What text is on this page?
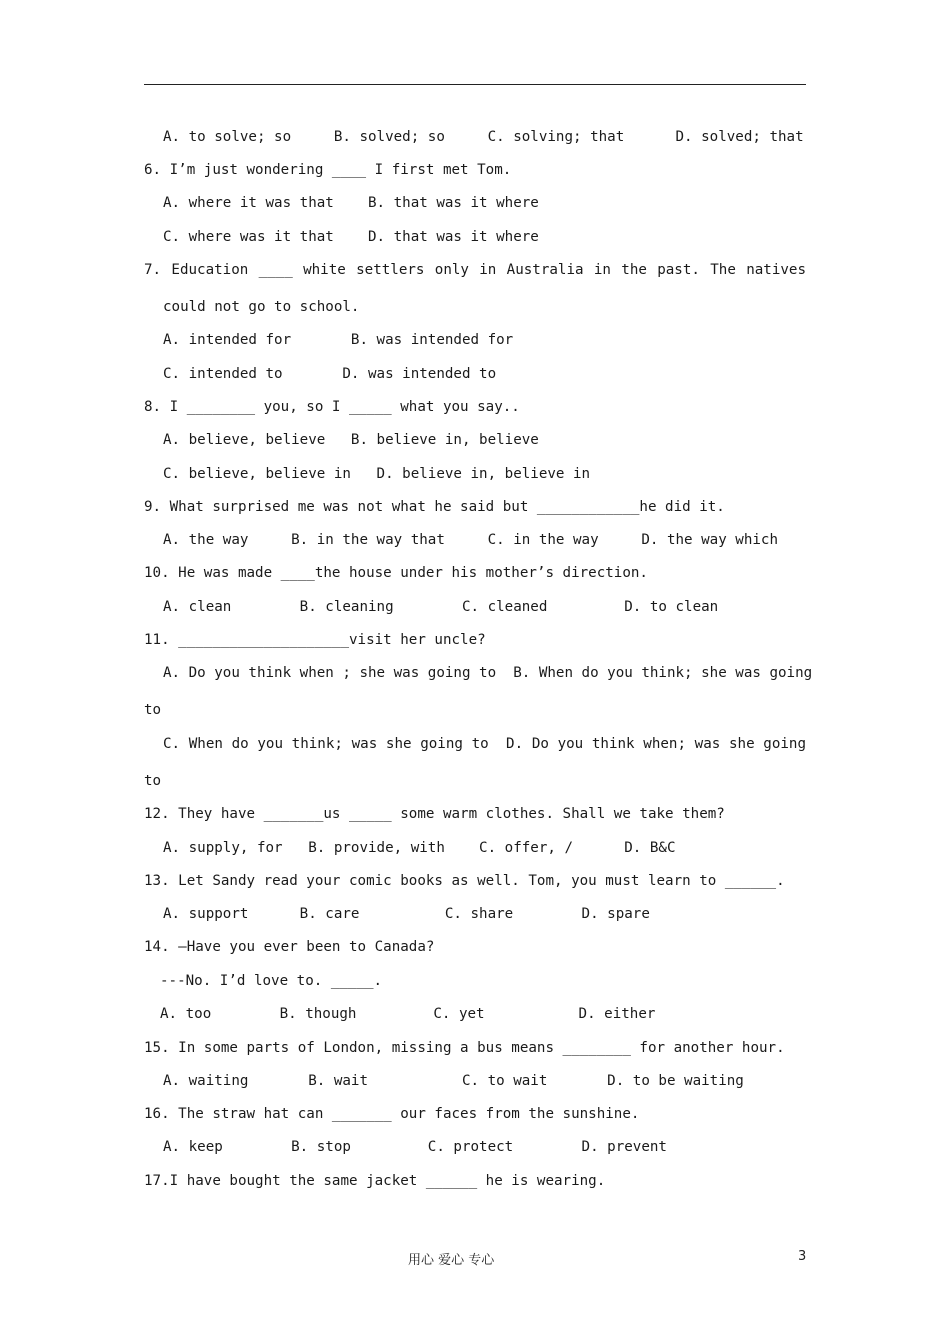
A. to solve; so     B. solved; so     C. solving; that      D. solved; that
6. I’m just wondering ____ I first met Tom.
A. where it was that    B. that was it where
C. where was it that    D. that was it where
7. Education ____ white settlers only in Australia in the past. The natives
could not go to school.
A. intended for       B. was intended for
C. intended to       D. was intended to
8. I ________ you, so I _____ what you say..
A. believe, believe   B. believe in, believe
C. believe, believe in   D. believe in, believe in
9. What surprised me was not what he said but ____________he did it.
A. the way     B. in the way that     C. in the way     D. the way which
10. He was made ____the house under his mother’s direction.
A. clean        B. cleaning        C. cleaned         D. to clean
11. ____________________visit her uncle?
A. Do you think when ; she was going to  B. When do you think; she was going
to
C. When do you think; was she going to  D. Do you think when; was she going
to
12. They have _______us _____ some warm clothes. Shall we take them?
A. supply, for   B. provide, with    C. offer, /      D. B&C
13. Let Sandy read your comic books as well. Tom, you must learn to ______.
A. support      B. care          C. share        D. spare
14. —Have you ever been to Canada?
---No. I’d love to. _____.
A. too        B. though         C. yet           D. either
15. In some parts of London, missing a bus means ________ for another hour.
A. waiting       B. wait           C. to wait       D. to be waiting
16. The straw hat can _______ our faces from the sunshine.
A. keep        B. stop         C. protect        D. prevent
17.I have bought the same jacket ______ he is wearing.
用心 爱心 专心	3
